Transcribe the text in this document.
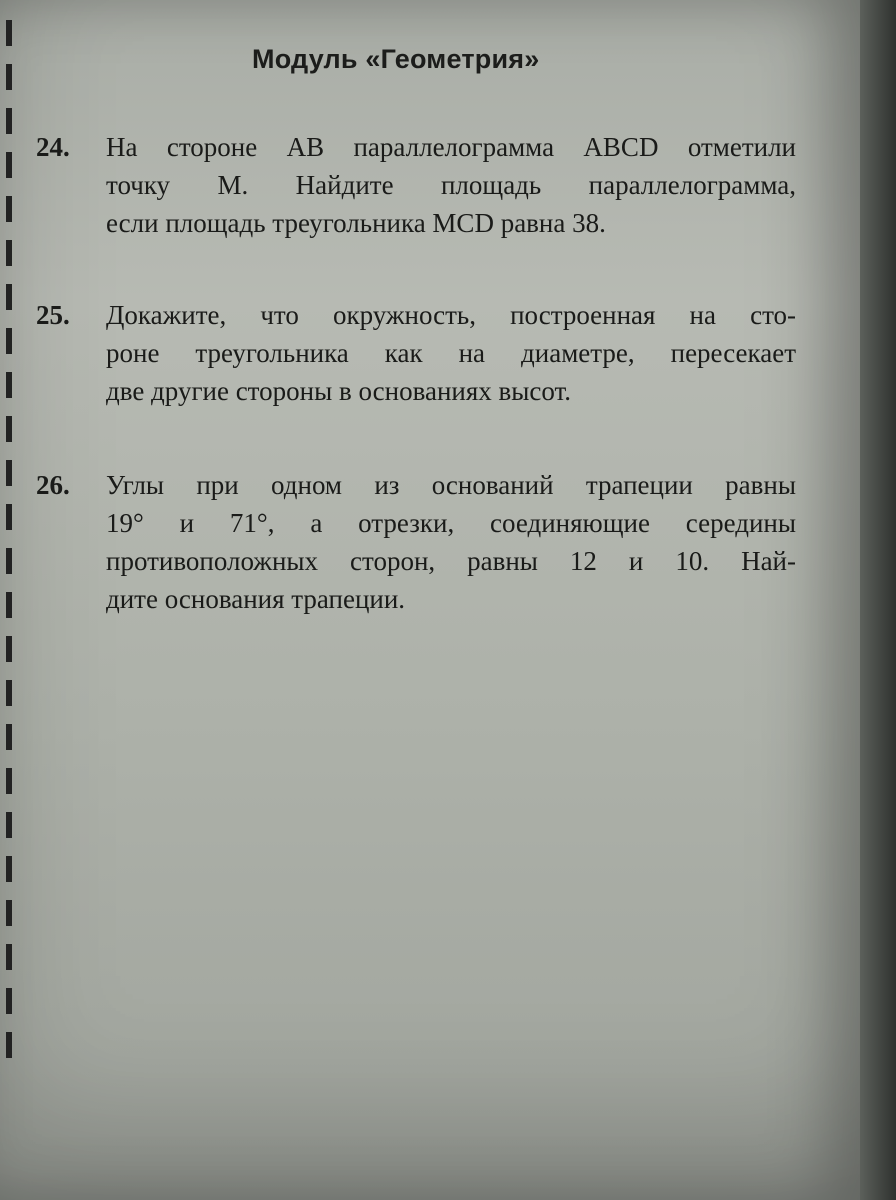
Модуль «Геометрия»
24.	На стороне AB параллелограмма ABCD отметили
точку M. Найдите площадь параллелограмма,
если площадь треугольника MCD равна 38.
25.	Докажите, что окружность, построенная на сто-
роне треугольника как на диаметре, пересекает
две другие стороны в основаниях высот.
26.	Углы при одном из оснований трапеции равны
19° и 71°, а отрезки, соединяющие середины
противоположных сторон, равны 12 и 10. Най-
дите основания трапеции.
